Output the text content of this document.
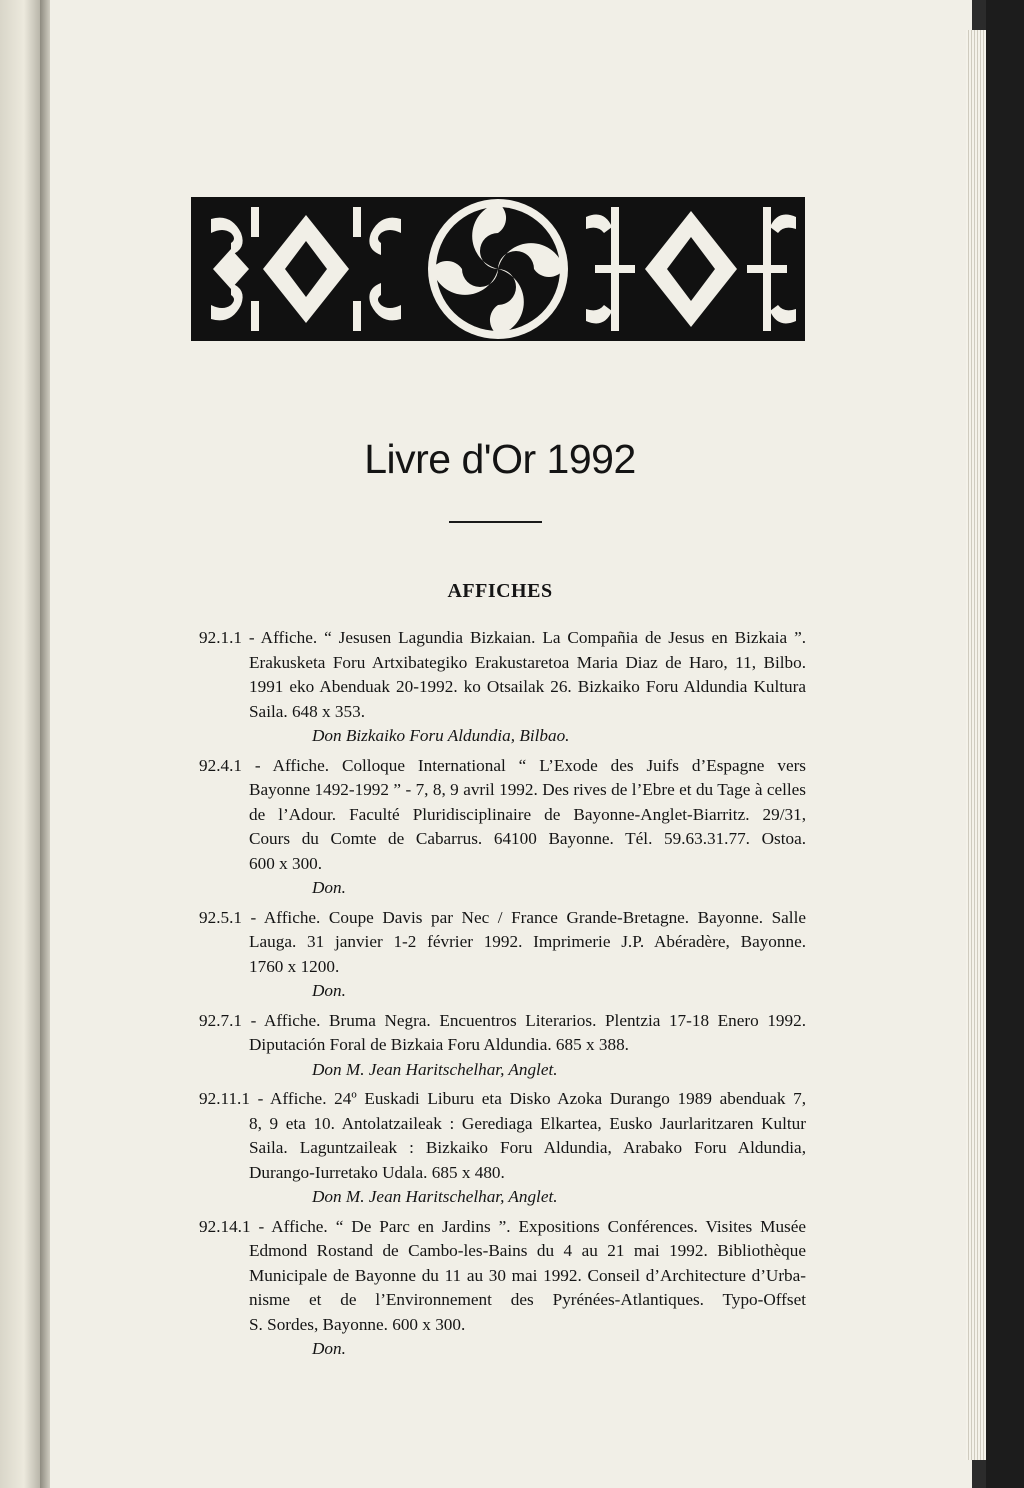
Livre d'Or 1992
AFFICHES
92.1.1 - Affiche. “ Jesusen Lagundia Bizkaian. La Compañia de Jesus en Bizkaia ”.
Erakusketa Foru Artxibategiko Erakustaretoa Maria Diaz de Haro, 11, Bilbo.
1991 eko Abenduak 20-1992. ko Otsailak 26. Bizkaiko Foru Aldundia Kultura
Saila. 648 x 353.
Don Bizkaiko Foru Aldundia, Bilbao.
92.4.1 - Affiche. Colloque International “ L’Exode des Juifs d’Espagne vers
Bayonne 1492-1992 ” - 7, 8, 9 avril 1992. Des rives de l’Ebre et du Tage à celles
de l’Adour. Faculté Pluridisciplinaire de Bayonne-Anglet-Biarritz. 29/31,
Cours du Comte de Cabarrus. 64100 Bayonne. Tél. 59.63.31.77. Ostoa.
600 x 300.
Don.
92.5.1 - Affiche. Coupe Davis par Nec / France Grande-Bretagne. Bayonne. Salle
Lauga. 31 janvier 1-2 février 1992. Imprimerie J.P. Abéradère, Bayonne.
1760 x 1200.
Don.
92.7.1 - Affiche. Bruma Negra. Encuentros Literarios. Plentzia 17-18 Enero 1992.
Diputación Foral de Bizkaia Foru Aldundia. 685 x 388.
Don M. Jean Haritschelhar, Anglet.
92.11.1 - Affiche. 24º Euskadi Liburu eta Disko Azoka Durango 1989 abenduak 7,
8, 9 eta 10. Antolatzaileak : Gerediaga Elkartea, Eusko Jaurlaritzaren Kultur
Saila. Laguntzaileak : Bizkaiko Foru Aldundia, Arabako Foru Aldundia,
Durango-Iurretako Udala. 685 x 480.
Don M. Jean Haritschelhar, Anglet.
92.14.1 - Affiche. “ De Parc en Jardins ”. Expositions Conférences. Visites Musée
Edmond Rostand de Cambo-les-Bains du 4 au 21 mai 1992. Bibliothèque
Municipale de Bayonne du 11 au 30 mai 1992. Conseil d’Architecture d’Urba-
nisme et de l’Environnement des Pyrénées-Atlantiques. Typo-Offset
S. Sordes, Bayonne. 600 x 300.
Don.
